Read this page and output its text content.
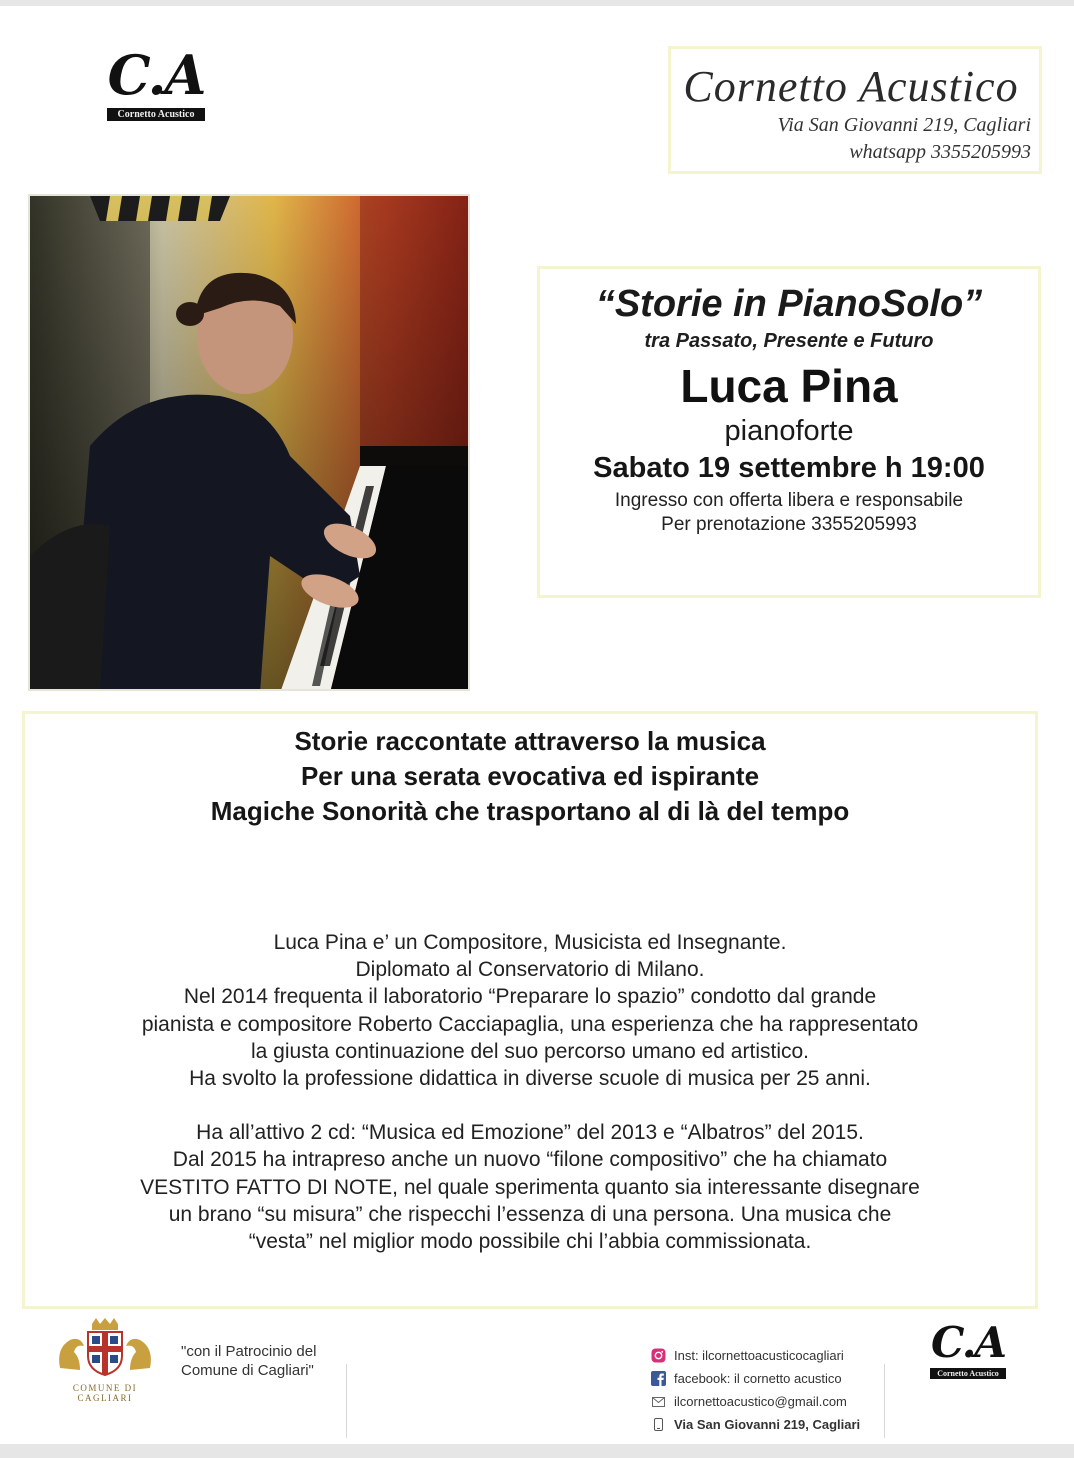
C.A
Cornetto Acustico
Cornetto Acustico
Via San Giovanni 219, Cagliari
whatsapp 3355205993
“Storie in PianoSolo”
tra Passato, Presente e Futuro
Luca Pina
pianoforte
Sabato 19 settembre h 19:00
Ingresso con offerta libera e responsabile
Per prenotazione 3355205993
Storie raccontate attraverso la musica
Per una serata evocativa ed ispirante
Magiche Sonorità che trasportano al di là del tempo
Luca Pina e’ un Compositore, Musicista ed Insegnante.
Diplomato al Conservatorio di Milano.
Nel 2014 frequenta il laboratorio “Preparare lo spazio” condotto dal grande
pianista e compositore Roberto Cacciapaglia, una esperienza che ha rappresentato
la giusta continuazione del suo percorso umano ed artistico.
Ha svolto la professione didattica in diverse scuole di musica per 25 anni.
Ha all’attivo 2 cd: “Musica ed Emozione” del 2013 e “Albatros” del 2015.
Dal 2015 ha intrapreso anche un nuovo “filone compositivo” che ha chiamato
VESTITO FATTO DI NOTE, nel quale sperimenta quanto sia interessante disegnare
un brano “su misura” che rispecchi l’essenza di una persona. Una musica che
“vesta” nel miglior modo possibile chi l’abbia commissionata.
COMUNE DI CAGLIARI
"con il Patrocinio del
Comune di Cagliari"
Inst: ilcornettoacusticocagliari
facebook: il cornetto acustico
ilcornettoacustico@gmail.com
Via San Giovanni 219, Cagliari
C.A
Cornetto Acustico
